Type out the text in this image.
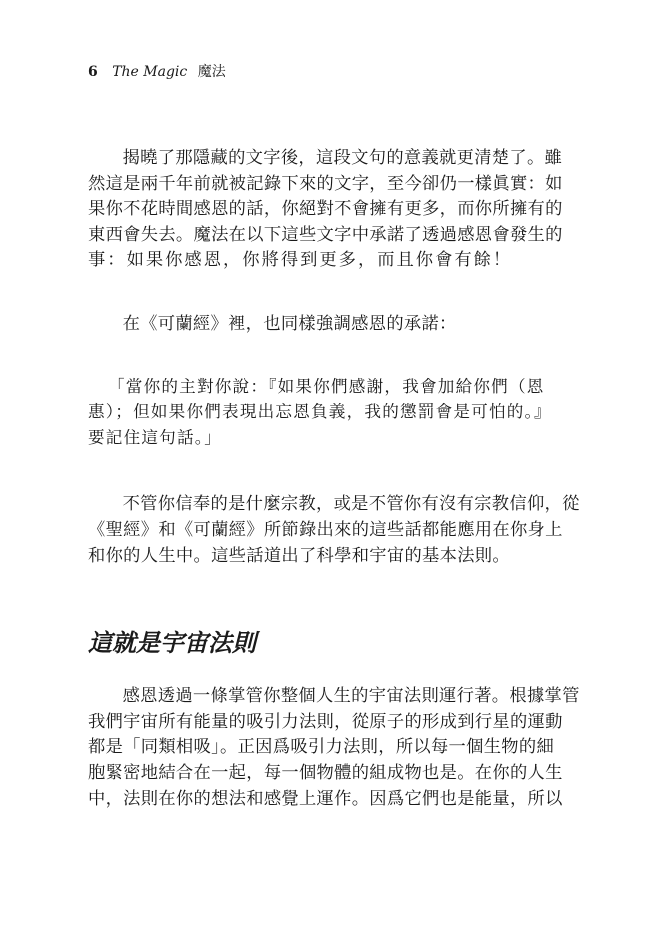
6 The Magic 魔法
揭曉了那隱藏的文字後，這段文句的意義就更清楚了。雖
然這是兩千年前就被記錄下來的文字，至今卻仍一樣眞實：如
果你不花時間感恩的話，你絕對不會擁有更多，而你所擁有的
東西會失去。魔法在以下這些文字中承諾了透過感恩會發生的
事：如果你感恩，你將得到更多，而且你會有餘！
在《可蘭經》裡，也同樣強調感恩的承諾：
「當你的主對你說：『如果你們感謝，我會加給你們（恩
惠）；但如果你們表現出忘恩負義，我的懲罰會是可怕的。』
要記住這句話。」
不管你信奉的是什麼宗教，或是不管你有沒有宗教信仰，從
《聖經》和《可蘭經》所節錄出來的這些話都能應用在你身上
和你的人生中。這些話道出了科學和宇宙的基本法則。
這就是宇宙法則
感恩透過一條掌管你整個人生的宇宙法則運行著。根據掌管
我們宇宙所有能量的吸引力法則，從原子的形成到行星的運動
都是「同類相吸」。正因爲吸引力法則，所以每一個生物的細
胞緊密地結合在一起，每一個物體的組成物也是。在你的人生
中，法則在你的想法和感覺上運作。因爲它們也是能量，所以
